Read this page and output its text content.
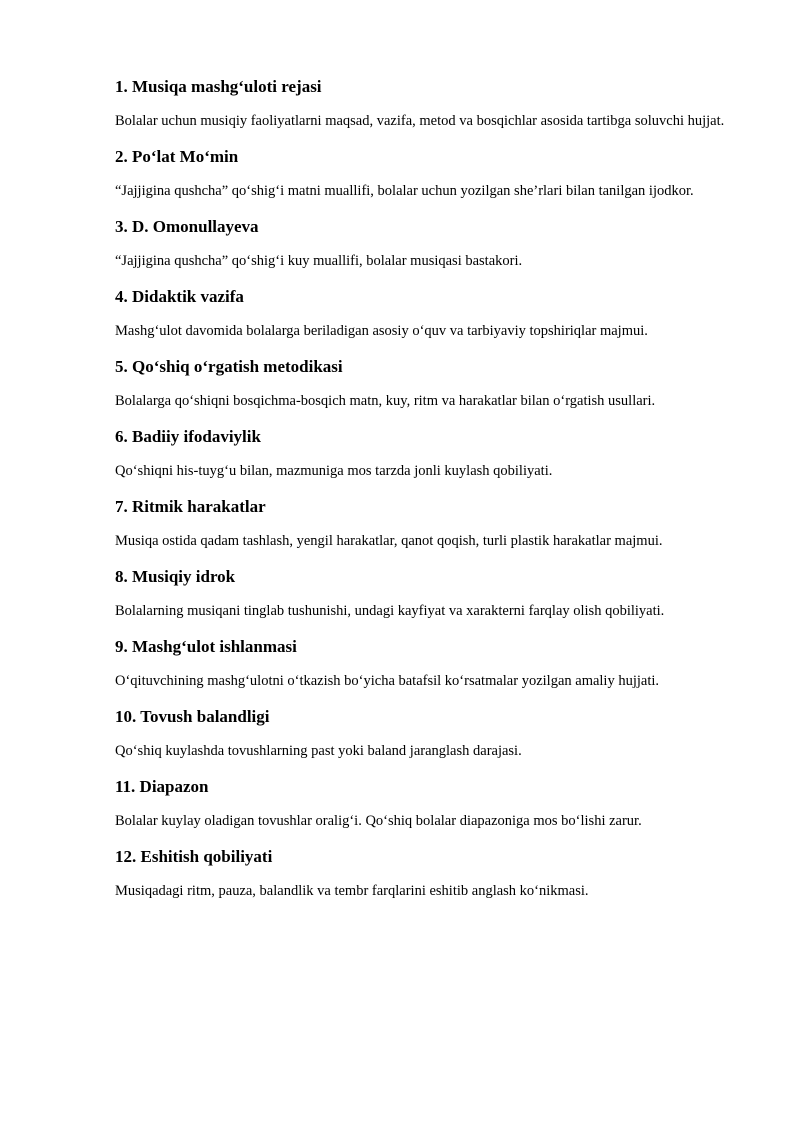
1. Musiqa mashg‘uloti rejasi

Bolalar uchun musiqiy faoliyatlarni maqsad, vazifa, metod va bosqichlar asosida tartibga soluvchi hujjat.

2. Po‘lat Mo‘min

“Jajjigina qushcha” qo‘shig‘i matni muallifi, bolalar uchun yozilgan she’rlari bilan tanilgan ijodkor.

3. D. Omonullayeva

“Jajjigina qushcha” qo‘shig‘i kuy muallifi, bolalar musiqasi bastakori.

4. Didaktik vazifa

Mashg‘ulot davomida bolalarga beriladigan asosiy o‘quv va tarbiyaviy topshiriqlar majmui.

5. Qo‘shiq o‘rgatish metodikasi

Bolalarga qo‘shiqni bosqichma-bosqich matn, kuy, ritm va harakatlar bilan o‘rgatish usullari.

6. Badiiy ifodaviylik

Qo‘shiqni his-tuyg‘u bilan, mazmuniga mos tarzda jonli kuylash qobiliyati.

7. Ritmik harakatlar

Musiqa ostida qadam tashlash, yengil harakatlar, qanot qoqish, turli plastik harakatlar majmui.

8. Musiqiy idrok

Bolalarning musiqani tinglab tushunishi, undagi kayfiyat va xarakterni farqlay olish qobiliyati.

9. Mashg‘ulot ishlanmasi

O‘qituvchining mashg‘ulotni o‘tkazish bo‘yicha batafsil ko‘rsatmalar yozilgan amaliy hujjati.

10. Tovush balandligi

Qo‘shiq kuylashda tovushlarning past yoki baland jaranglash darajasi.

11. Diapazon

Bolalar kuylay oladigan tovushlar oralig‘i. Qo‘shiq bolalar diapazoniga mos bo‘lishi zarur.

12. Eshitish qobiliyati

Musiqadagi ritm, pauza, balandlik va tembr farqlarini eshitib anglash ko‘nikmasi.
